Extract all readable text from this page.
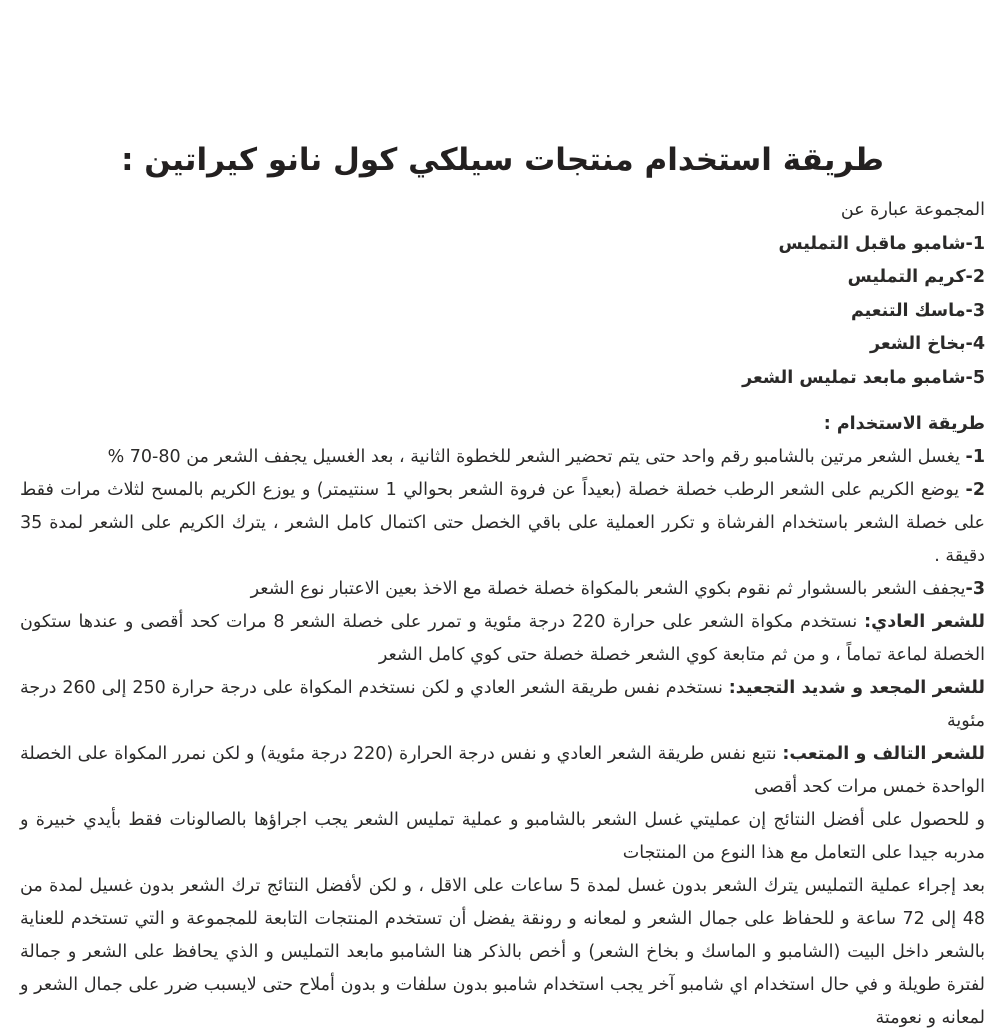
طريقة استخدام منتجات سيلكي كول نانو كيراتين :

المجموعة عبارة عن

1-شامبو ماقبل التمليس

2-كريم التمليس

3-ماسك التنعيم

4-بخاخ الشعر

5-شامبو مابعد تمليس الشعر

طريقة الاستخدام :

1- يغسل الشعر مرتين بالشامبو رقم واحد حتى يتم تحضير الشعر للخطوة الثانية ، بعد الغسيل يجفف الشعر من 80-70 %

2- يوضع الكريم على الشعر الرطب خصلة خصلة (بعيداً عن فروة الشعر بحوالي 1 سنتيمتر) و يوزع الكريم بالمسح لثلاث مرات فقط على خصلة الشعر باستخدام الفرشاة و تكرر العملية على باقي الخصل حتى اكتمال كامل الشعر ، يترك الكريم على الشعر لمدة 35 دقيقة .

3-يجفف الشعر بالسشوار ثم نقوم بكوي الشعر بالمكواة خصلة خصلة مع الاخذ بعين الاعتبار نوع الشعر

للشعر العادي: نستخدم مكواة الشعر على حرارة 220 درجة مئوية و تمرر على خصلة الشعر 8 مرات كحد أقصى و عندها ستكون الخصلة لماعة تماماً ، و من ثم متابعة كوي الشعر خصلة خصلة حتى كوي كامل الشعر

للشعر المجعد و شديد التجعيد: نستخدم نفس طريقة الشعر العادي و لكن نستخدم المكواة على درجة حرارة 250 إلى 260 درجة مئوية

للشعر التالف و المتعب: نتبع نفس طريقة الشعر العادي و نفس درجة الحرارة (220 درجة مئوية) و لكن نمرر المكواة على الخصلة الواحدة خمس مرات كحد أقصى

و للحصول على أفضل النتائج إن عمليتي غسل الشعر بالشامبو و عملية تمليس الشعر يجب اجراؤها بالصالونات فقط بأيدي خبيرة و مدربه جيدا على التعامل مع هذا النوع من المنتجات

بعد إجراء عملية التمليس يترك الشعر بدون غسل لمدة 5 ساعات على الاقل ، و لكن لأفضل النتائج ترك الشعر بدون غسيل لمدة من 48 إلى 72 ساعة و للحفاظ على جمال الشعر و لمعانه و رونقة يفضل أن تستخدم المنتجات التابعة للمجموعة و التي تستخدم للعناية بالشعر داخل البيت (الشامبو و الماسك و بخاخ الشعر) و أخص بالذكر هنا الشامبو مابعد التمليس و الذي يحافظ على الشعر و جمالة لفترة طويلة و في حال استخدام اي شامبو آخر يجب استخدام شامبو بدون سلفات و بدون أملاح حتى لايسبب ضرر على جمال الشعر و لمعانه و نعومتة
